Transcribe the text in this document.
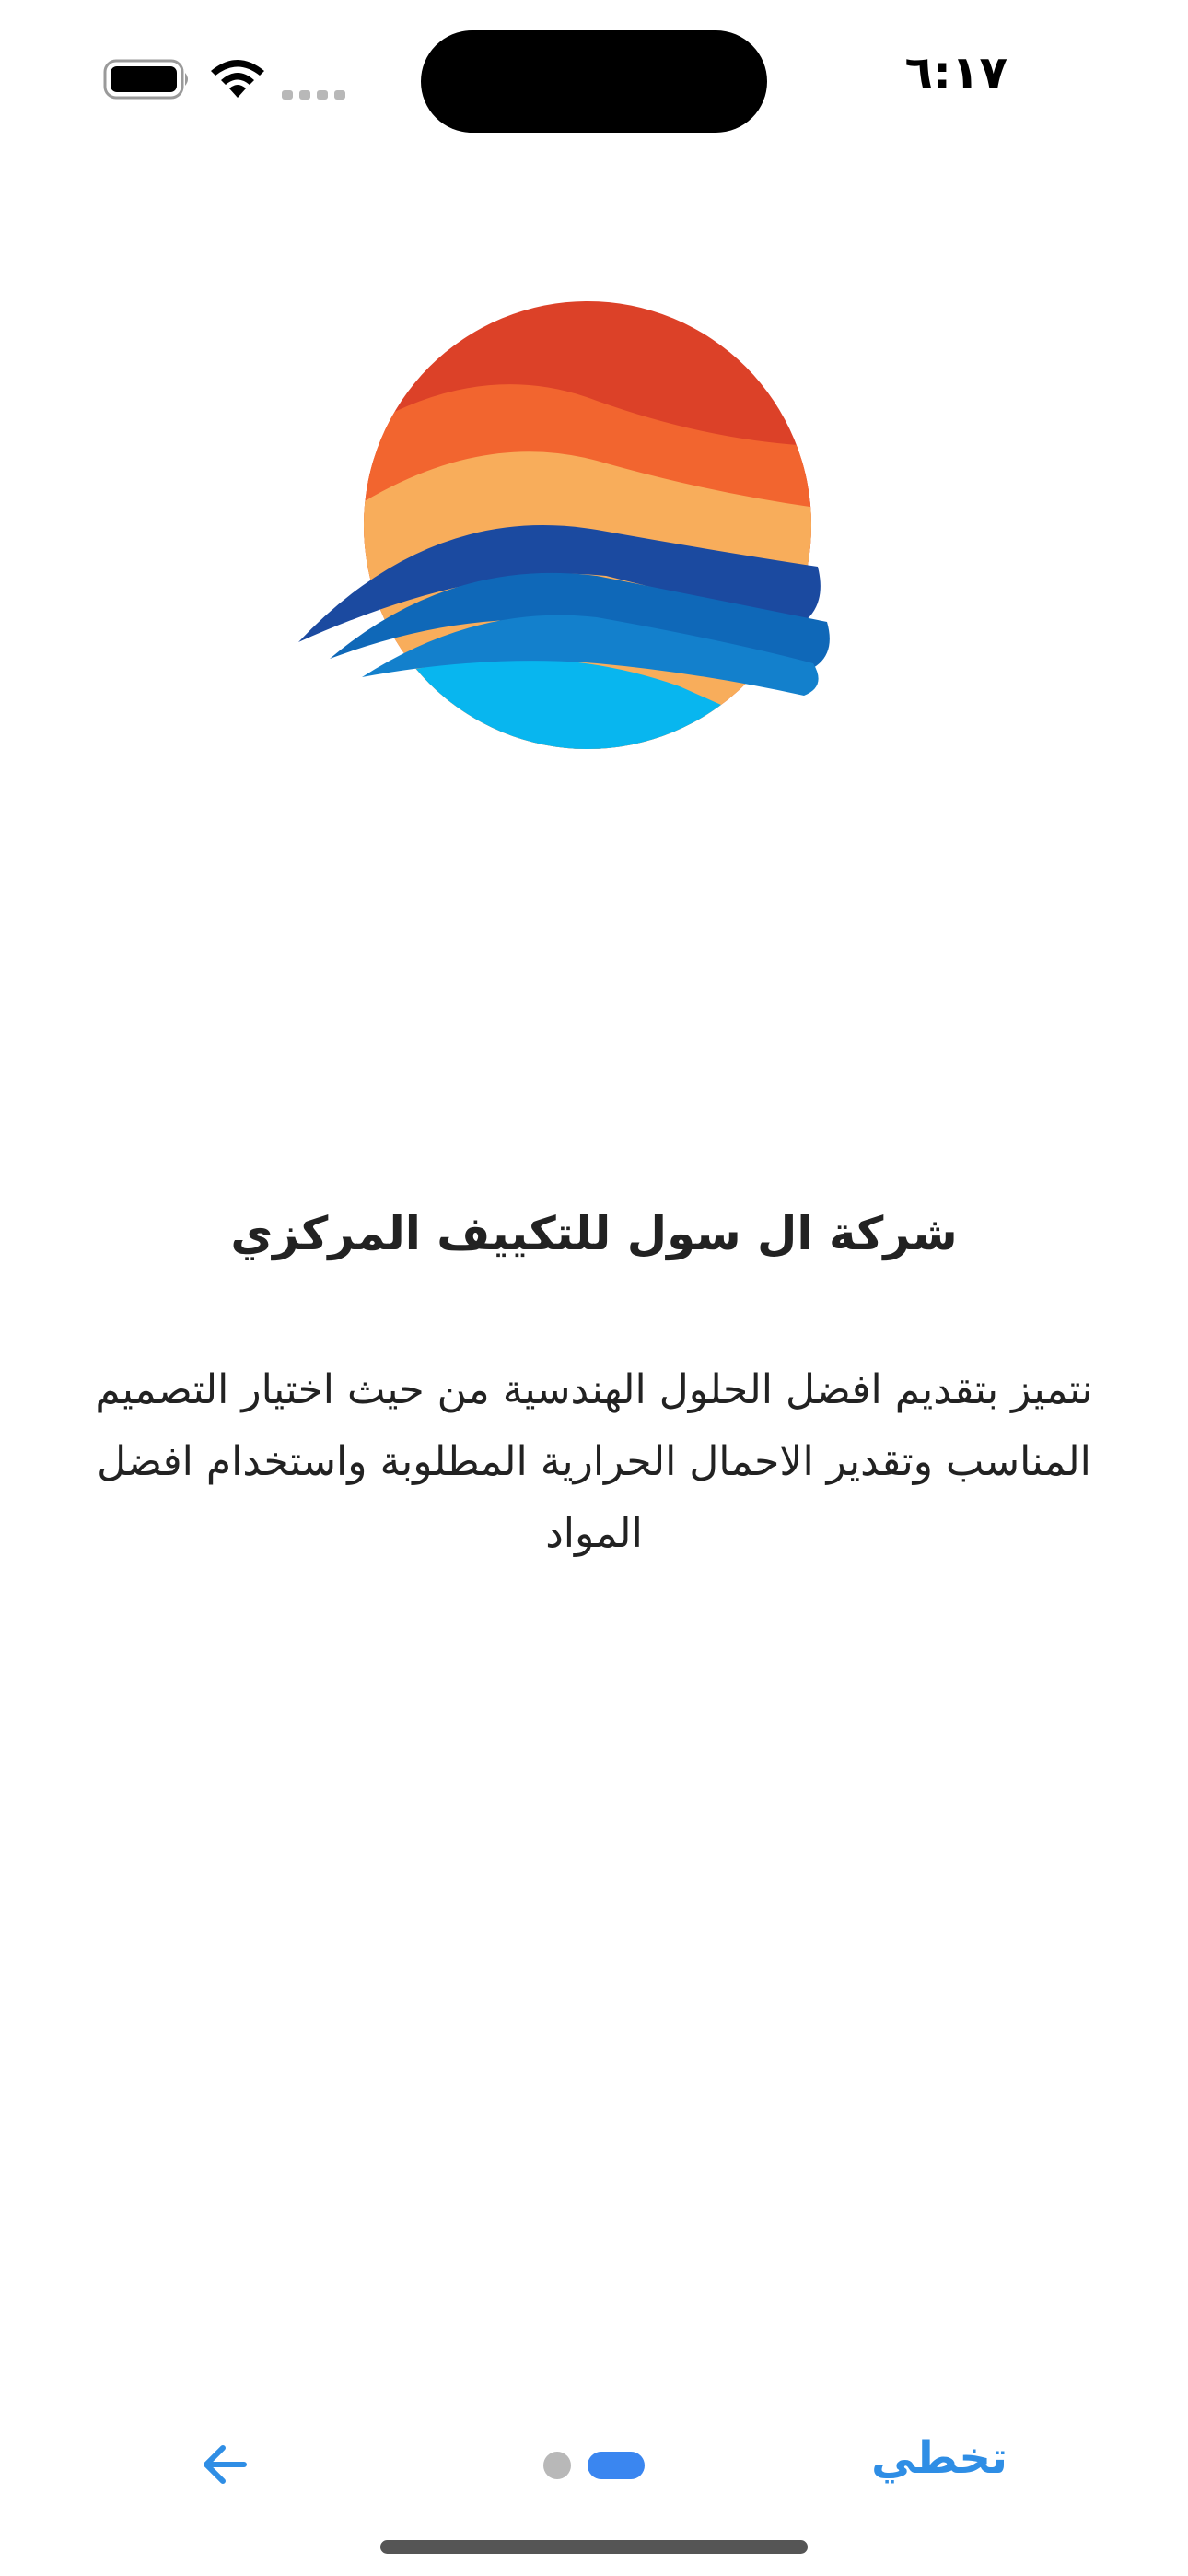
٦:١٧
شركة ال سول للتكييف المركزي
نتميز بتقديم افضل الحلول الهندسية من حيث اختيار التصميم
المناسب وتقدير الاحمال الحرارية المطلوبة واستخدام افضل المواد
تخطي
